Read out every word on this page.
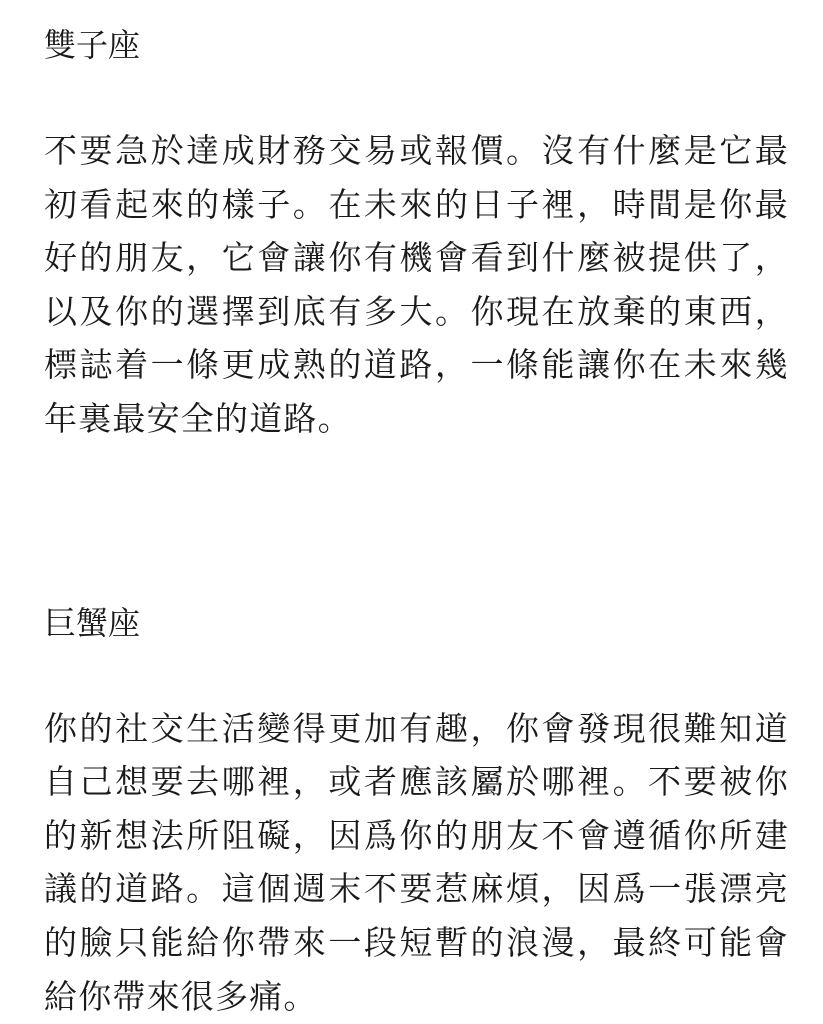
雙子座

不要急於達成財務交易或報價。沒有什麼是它最初看起來的樣子。在未來的日子裡，時間是你最好的朋友，它會讓你有機會看到什麼被提供了，以及你的選擇到底有多大。你現在放棄的東西，標誌着一條更成熟的道路，一條能讓你在未來幾年裏最安全的道路。

巨蟹座

你的社交生活變得更加有趣，你會發現很難知道自己想要去哪裡，或者應該屬於哪裡。不要被你的新想法所阻礙，因爲你的朋友不會遵循你所建議的道路。這個週末不要惹麻煩，因爲一張漂亮的臉只能給你帶來一段短暫的浪漫，最終可能會給你帶來很多痛。
